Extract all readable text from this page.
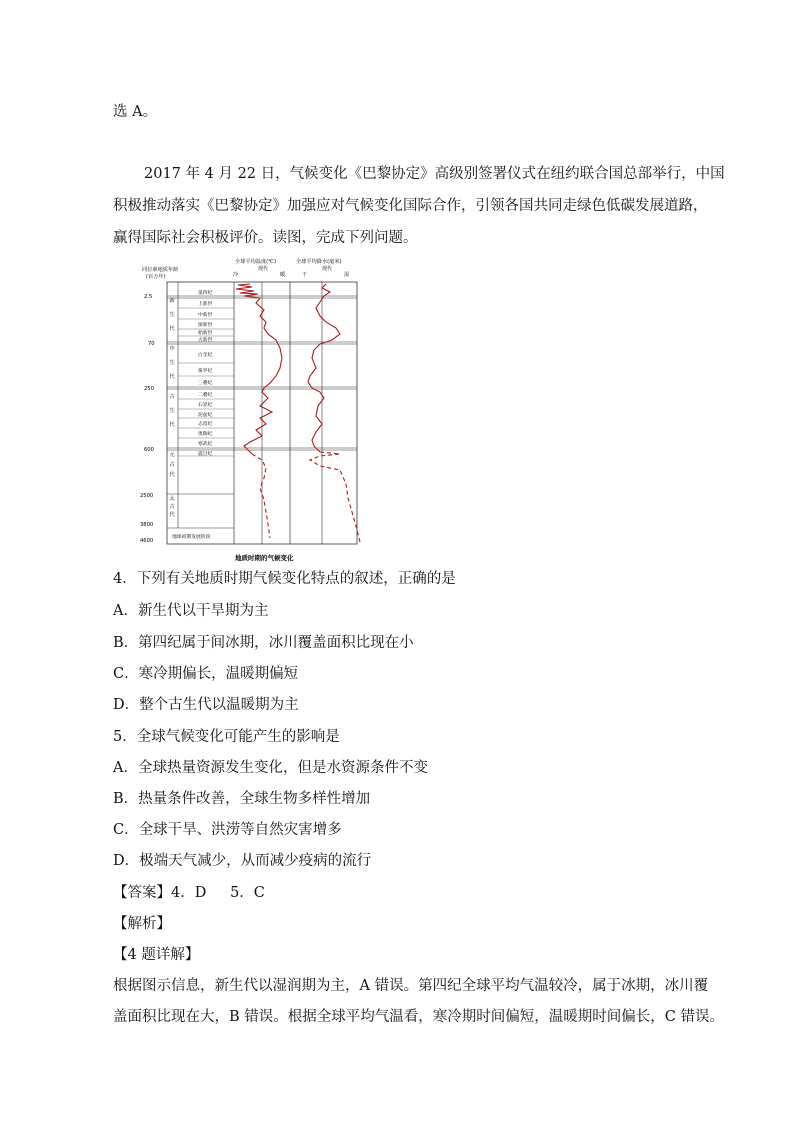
选 A。
2017 年 4 月 22 日，气候变化《巴黎协定》高级别签署仪式在纽约联合国总部举行，中国
积极推动落实《巴黎协定》加强应对气候变化国际合作，引领各国共同走绿色低碳发展道路，
赢得国际社会积极评价。读图，完成下列问题。
同位素地质年龄
(百万年)
全球平均温度(℃)
冷
现代
暖
全球平均降水(毫米)
干
现代
湿
2.5
70
250
600
2500
3800
4600
新生代
中生代
古生代
元古代
太古代
第四纪
上新世
中新世
渐新世
始新世
古新世
白垩纪
侏罗纪
三叠纪
二叠纪
石炭纪
泥盆纪
志留纪
奥陶纪
寒武纪
震旦纪
地球初期发展阶段
地质时期的气候变化
4．下列有关地质时期气候变化特点的叙述，正确的是
A．新生代以干旱期为主
B．第四纪属于间冰期，冰川覆盖面积比现在小
C．寒冷期偏长，温暖期偏短
D．整个古生代以温暖期为主
5．全球气候变化可能产生的影响是
A．全球热量资源发生变化，但是水资源条件不变
B．热量条件改善，全球生物多样性增加
C．全球干旱、洪涝等自然灾害增多
D．极端天气减少，从而减少疫病的流行
【答案】4．D 　 5．C
【解析】
【4 题详解】
根据图示信息，新生代以湿润期为主，A 错误。第四纪全球平均气温较冷，属于冰期，冰川覆
盖面积比现在大，B 错误。根据全球平均气温看，寒冷期时间偏短，温暖期时间偏长，C 错误。
